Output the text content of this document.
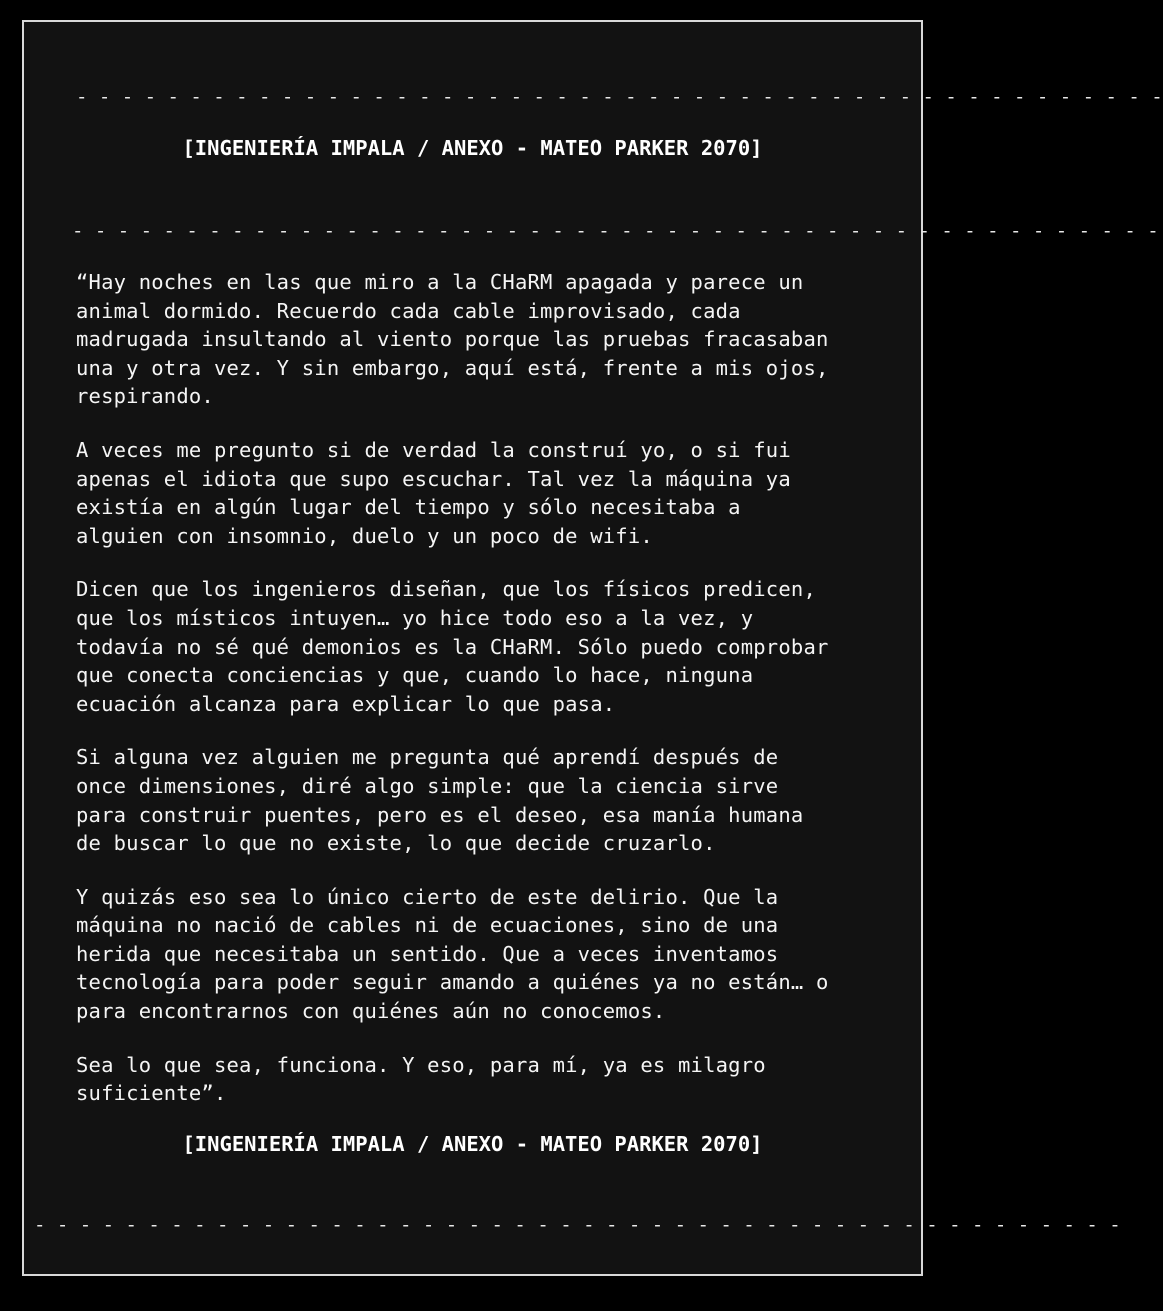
- - - - - - - - - - - - - - - - - - - - - - - - - - - - - - - - - - - - - - - - - - - - - - - -
[INGENIERÍA IMPALA / ANEXO - MATEO PARKER 2070]
- - - - - - - - - - - - - - - - - - - - - - - - - - - - - - - - - - - - - - - - - - - - - - - -

“Hay noches en las que miro a la CHaRM apagada y parece un
animal dormido. Recuerdo cada cable improvisado, cada
madrugada insultando al viento porque las pruebas fracasaban
una y otra vez. Y sin embargo, aquí está, frente a mis ojos,
respirando.

A veces me pregunto si de verdad la construí yo, o si fui
apenas el idiota que supo escuchar. Tal vez la máquina ya
existía en algún lugar del tiempo y sólo necesitaba a
alguien con insomnio, duelo y un poco de wifi.

Dicen que los ingenieros diseñan, que los físicos predicen,
que los místicos intuyen… yo hice todo eso a la vez, y
todavía no sé qué demonios es la CHaRM. Sólo puedo comprobar
que conecta conciencias y que, cuando lo hace, ninguna
ecuación alcanza para explicar lo que pasa.

Si alguna vez alguien me pregunta qué aprendí después de
once dimensiones, diré algo simple: que la ciencia sirve
para construir puentes, pero es el deseo, esa manía humana
de buscar lo que no existe, lo que decide cruzarlo.

Y quizás eso sea lo único cierto de este delirio. Que la
máquina no nació de cables ni de ecuaciones, sino de una
herida que necesitaba un sentido. Que a veces inventamos
tecnología para poder seguir amando a quiénes ya no están… o
para encontrarnos con quiénes aún no conocemos.

Sea lo que sea, funciona. Y eso, para mí, ya es milagro
suficiente”.

[INGENIERÍA IMPALA / ANEXO - MATEO PARKER 2070]
- - - - - - - - - - - - - - - - - - - - - - - - - - - - - - - - - - - - - - - - - - - - - - - -
